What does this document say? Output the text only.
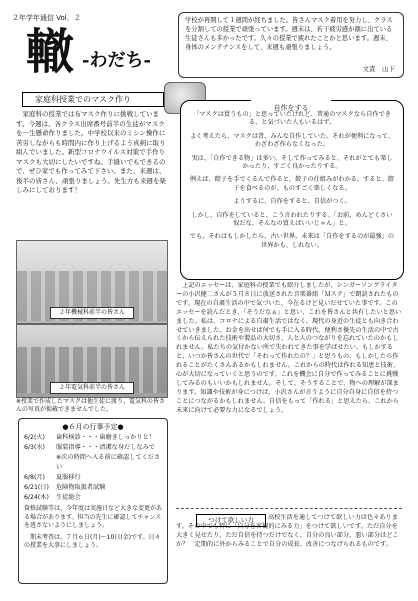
２年学年通信 Vol．２
轍 -わだち-
学校が再開して１週間が経ちました。皆さんマスク着用を努力し、クラスを分割しての授業で頑張っています。週末は、若干疲労感が顔に出ている生徒さんも多かったです。久々の授業で疲れたことかと思います。週末、身体のメンテナンスをして、来週も頑張りましょう。
文責　山下
家庭科授業でのマスク作り
家庭科の授業では布マスク作りに挑戦しています。今週は、各クラス出席番号前半の生徒がマスクを一生懸命作りました。中学校以来のミシン操作に苦労しながらも時間内に作り上げるよう真剣に取り組んでいました。新型コロナウイルス対策で手作りマスクも大切にしたいですね。手縫いでもできるので、ぜひ家でも作ってみて下さい。また、来週は、後半の皆さん、頑張りましょう。先生方も来週を楽しみにしております！
自作をする
「マスクは買うもの」と思っていたけれど、普通のマスクなら自作できる、と気づいた人もいるはず。
よく考えたら、マスクは昔、みんな自作していた。それが便利になって、わざわざ作らなくなった。
実は、「自作できる物」は多い。そして作ってみると、それがとても楽しかったり、すごく良かったりする。
例えば、餃子を手でくるんで作ると、餃子の仕組みがわかる。すると、餃子を食べるのが、ものすごく楽しくなる。
ようするに、自作をすると、自信がつく。
しかし、自作をしていると、こう言われたりする。「お前、めんどくさい奴だな、そんなの買えばいいじゃん」と。
でも、それはもしかしたら、古い世界。未来は「自作をするのが最強」の世界かも、しれない。
２年機械科前半の皆さん
２年電気科前半の皆さん
※授業で作成したマスクは他生徒に渡り、電気科の皆さんの写真が掲載できませんでした。
●６月の行事予定●
6/2(火)	歯科検診・・・歯磨きしっかりと！
6/3(水)	服装指導・・・清潔な身だしなみで
※次の時間へ入る前に確認してください
6/8(月)	夏服移行
6/21(日)	危険物取扱者試験
6/24(木)	生徒総会
資格試験等は、今年度は実施日など大きな変更がある場合があります。担当の先生に確認してチャンスを逃さないようにしましょう。
期末考査は、７月６日(月)～10日(金)です。日々の授業を大事にしましょう。
上記のエッセーは、家庭科の授業でも紹介しましたが、シンガーソングライターの小沢健二さんが５月８日に放送された音楽番組「Ｍステ」で朗読されたものです。現在の自粛生活の中で気づいた、今在るけど見いだせていた事です。このエッセーを読んだとき、「そうだなぁ」と思い、これを皆さんと共有したいと思いました。私は、コロナによる自粛生活ではなく、現代の身近の生徒とも向き合わせていきました。お金を出せば何でも手に入る時代、便利さ優先の生活の中で古くから伝えられた技術や製品の大切さ、人と人のつながりを忘れていたのかもしれません。私たちの気付かない所で失われてきた事を学ばせたい。もしかすると、いつか皆さんの世代で「それって作れたの？」と思うもの、もしかしたら作れることがたくさんあるかもしれません。これからの時代は作れる知恵と技術、心が大切になっていくと思うのです。これを機会に自分で作ってみることに挑戦してみるのもいいかもしれません。そして、そうすることで、物への理解が深まります。知識や技術が身につけば、小沢さんが言うように自分自身に自信を持つことにつながるかもしれません。自信をもって「作れる」と思えたら、これから未来に向けて必要な力になるでしょう。
つけて欲しい力	高校生活を通してつけて欲しい力は色々あります。その中でも特に「自分を客観的にみる力」をつけて欲しいです。ただ自分を大きく見せたり、ただ自信を持つだけでなく、自分の良い部分、悪い部分はどこか？　定期的に外からみることで自分の成長、改善につなげられるものです。
